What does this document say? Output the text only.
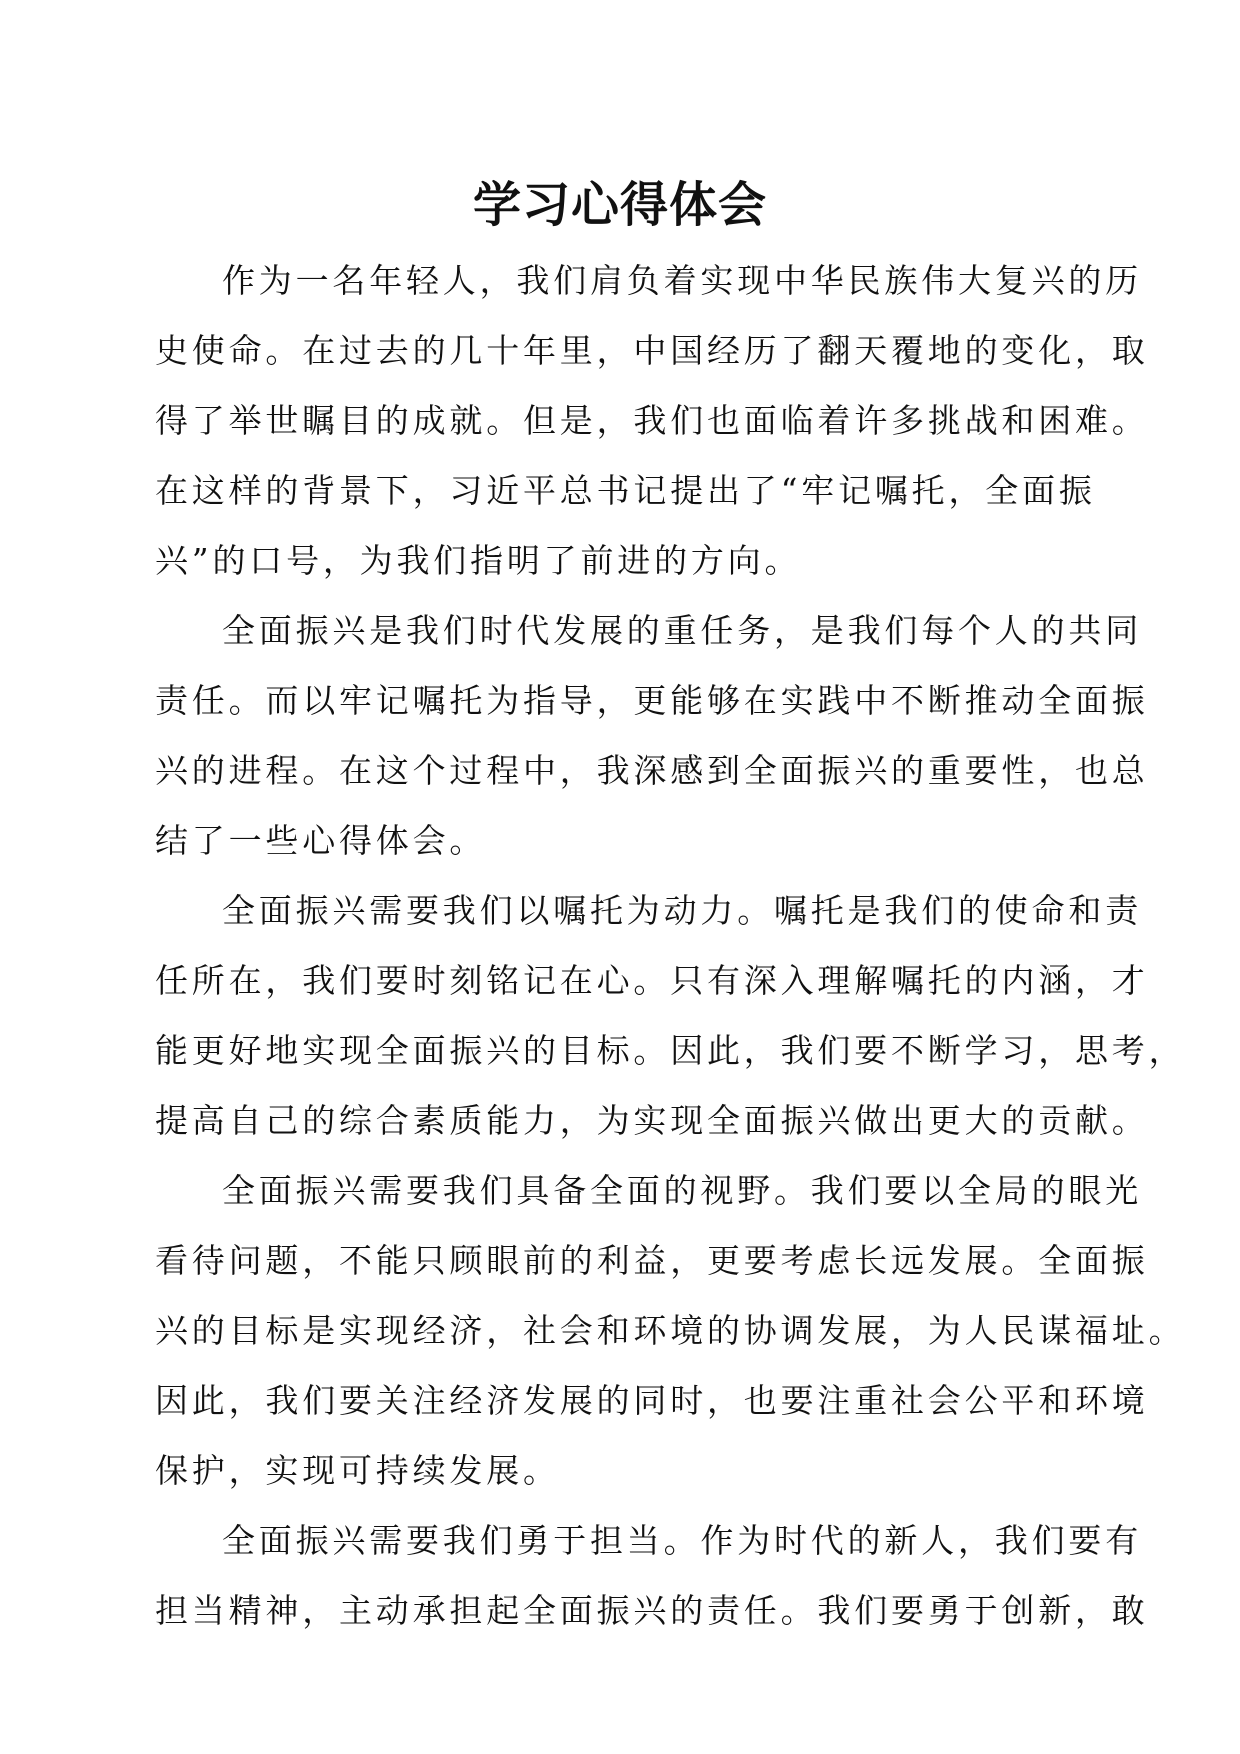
学习心得体会
作为一名年轻人，我们肩负着实现中华民族伟大复兴的历
史使命。在过去的几十年里，中国经历了翻天覆地的变化，取
得了举世瞩目的成就。但是，我们也面临着许多挑战和困难。
在这样的背景下，习近平总书记提出了“牢记嘱托，全面振
兴”的口号，为我们指明了前进的方向。
全面振兴是我们时代发展的重任务，是我们每个人的共同
责任。而以牢记嘱托为指导，更能够在实践中不断推动全面振
兴的进程。在这个过程中，我深感到全面振兴的重要性，也总
结了一些心得体会。
全面振兴需要我们以嘱托为动力。嘱托是我们的使命和责
任所在，我们要时刻铭记在心。只有深入理解嘱托的内涵，才
能更好地实现全面振兴的目标。因此，我们要不断学习，思考，
提高自己的综合素质能力，为实现全面振兴做出更大的贡献。
全面振兴需要我们具备全面的视野。我们要以全局的眼光
看待问题，不能只顾眼前的利益，更要考虑长远发展。全面振
兴的目标是实现经济，社会和环境的协调发展，为人民谋福址。
因此，我们要关注经济发展的同时，也要注重社会公平和环境
保护，实现可持续发展。
全面振兴需要我们勇于担当。作为时代的新人，我们要有
担当精神，主动承担起全面振兴的责任。我们要勇于创新，敢
